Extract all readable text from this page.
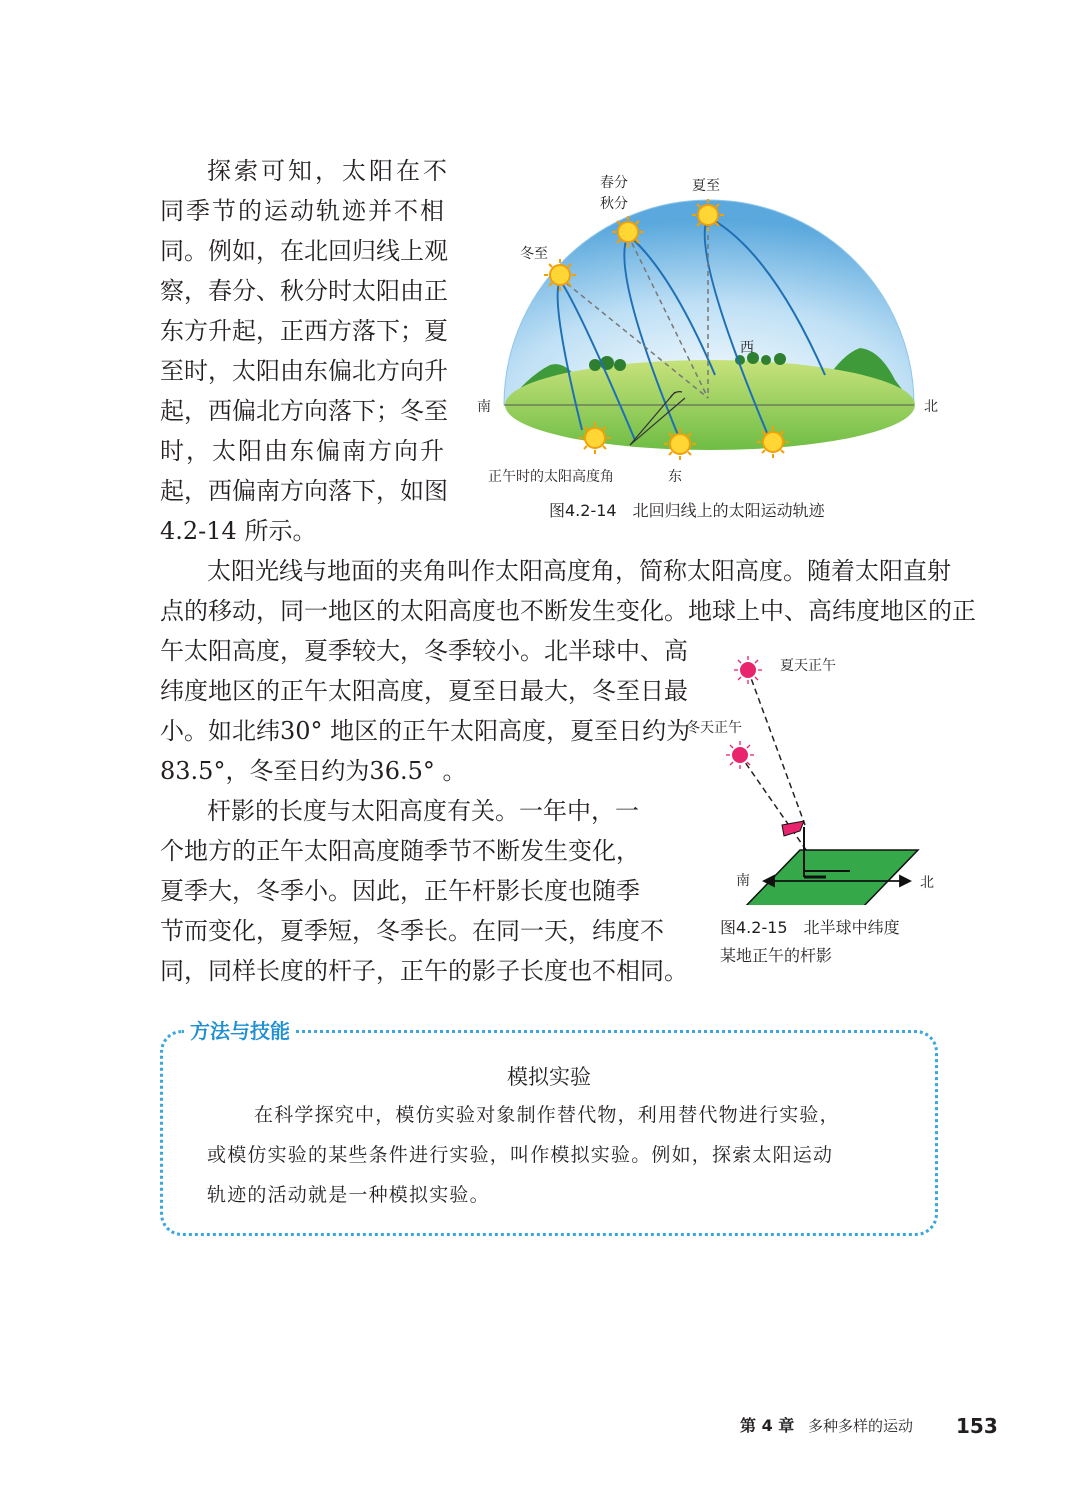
探索可知，太阳在不

同季节的运动轨迹并不相

同。例如，在北回归线上观

察，春分、秋分时太阳由正

东方升起，正西方落下；夏

至时，太阳由东偏北方向升

起，西偏北方向落下；冬至

时，太阳由东偏南方向升

起，西偏南方向落下，如图

4.2-14 所示。

春分
秋分
夏至
冬至
西
南	北
正午时的太阳高度角	东

图4.2-14　北回归线上的太阳运动轨迹

太阳光线与地面的夹角叫作太阳高度角，简称太阳高度。随着太阳直射

点的移动，同一地区的太阳高度也不断发生变化。地球上中、高纬度地区的正

午太阳高度，夏季较大，冬季较小。北半球中、高

纬度地区的正午太阳高度，夏至日最大，冬至日最

小。如北纬30° 地区的正午太阳高度，夏至日约为

83.5°，冬至日约为36.5° 。

杆影的长度与太阳高度有关。一年中，一

个地方的正午太阳高度随季节不断发生变化，

夏季大，冬季小。因此，正午杆影长度也随季

节而变化，夏季短，冬季长。在同一天，纬度不

同，同样长度的杆子，正午的影子长度也不相同。

夏天正午
冬天正午
南	北

图4.2-15　北半球中纬度

某地正午的杆影

方法与技能
模拟实验

在科学探究中，模仿实验对象制作替代物，利用替代物进行实验，

或模仿实验的某些条件进行实验，叫作模拟实验。例如，探索太阳运动

轨迹的活动就是一种模拟实验。

第 4 章 多种多样的运动 153
